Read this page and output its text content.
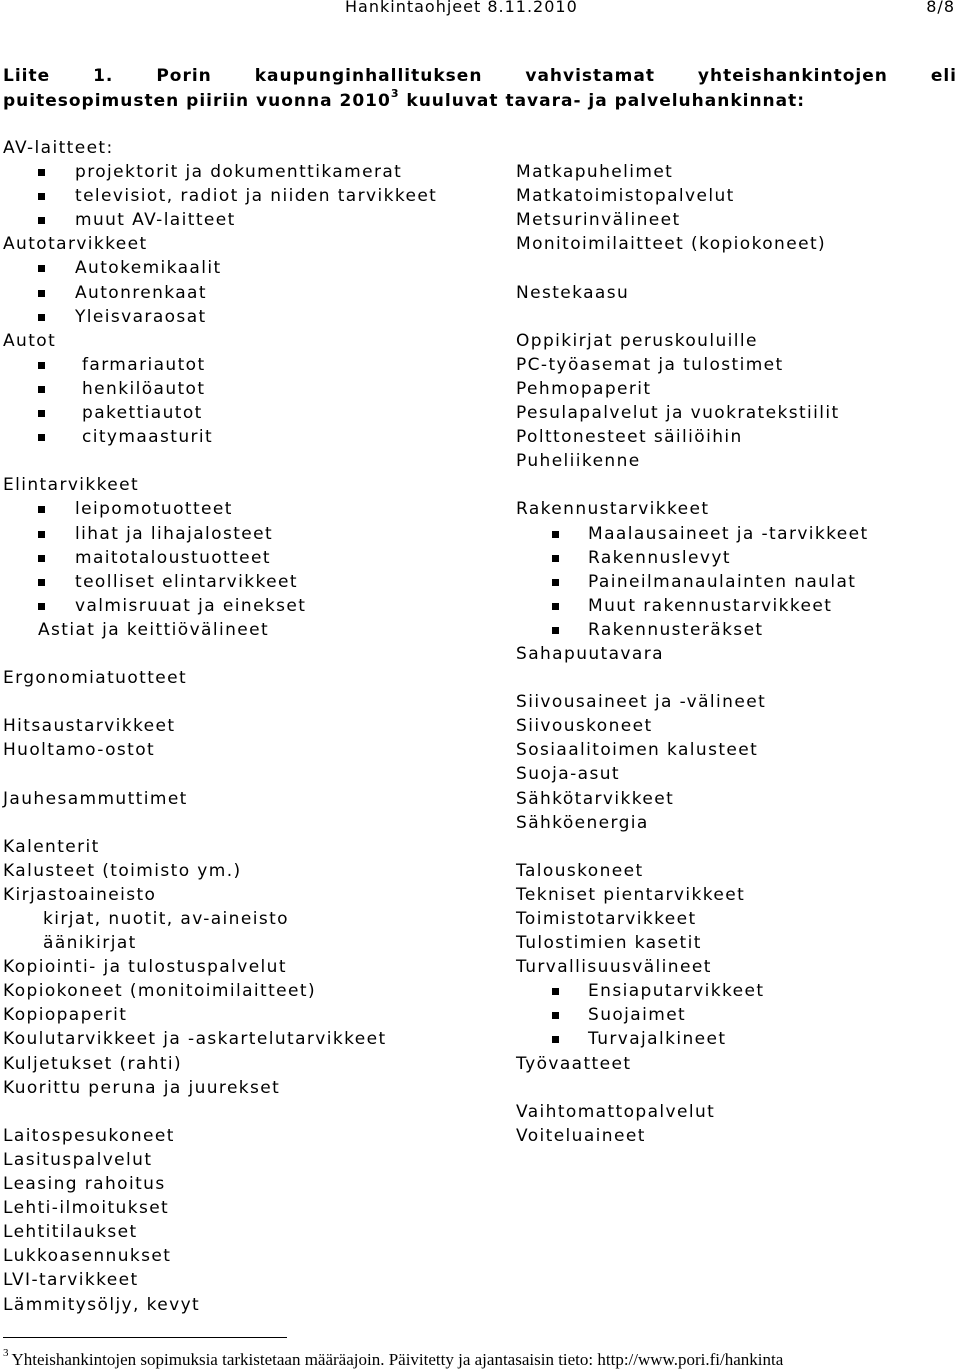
Hankintaohjeet 8.11.2010	8/8
Liite 1. Porin kaupunginhallituksen vahvistamat yhteishankintojen eli
puitesopimusten piiriin vuonna 2010$^3$ kuuluvat tavara- ja palveluhankinnat:
AV-laitteet:
projektorit ja dokumenttikamerat
televisiot, radiot ja niiden tarvikkeet
muut AV-laitteet
Autotarvikkeet
Autokemikaalit
Autonrenkaat
Yleisvaraosat
Autot
farmariautot
henkilöautot
pakettiautot
citymaasturit
Elintarvikkeet
leipomotuotteet
lihat ja lihajalosteet
maitotaloustuotteet
teolliset elintarvikkeet
valmisruuat ja einekset
Astiat ja keittiövälineet
Ergonomiatuotteet
Hitsaustarvikkeet
Huoltamo-ostot
Jauhesammuttimet
Kalenterit
Kalusteet (toimisto ym.)
Kirjastoaineisto
kirjat, nuotit, av-aineisto
äänikirjat
Kopiointi- ja tulostuspalvelut
Kopiokoneet (monitoimilaitteet)
Kopiopaperit
Koulutarvikkeet ja -askartelutarvikkeet
Kuljetukset (rahti)
Kuorittu peruna ja juurekset
Laitospesukoneet
Lasituspalvelut
Leasing rahoitus
Lehti-ilmoitukset
Lehtitilaukset
Lukkoasennukset
LVI-tarvikkeet
Lämmitysöljy, kevyt
Matkapuhelimet
Matkatoimistopalvelut
Metsurinvälineet
Monitoimilaitteet (kopiokoneet)
Nestekaasu
Oppikirjat peruskouluille
PC-työasemat ja tulostimet
Pehmopaperit
Pesulapalvelut ja vuokratekstiilit
Polttonesteet säiliöihin
Puheliikenne
Rakennustarvikkeet
Maalausaineet ja -tarvikkeet
Rakennuslevyt
Paineilmanaulainten naulat
Muut rakennustarvikkeet
Rakennusteräkset
Sahapuutavara
Siivousaineet ja -välineet
Siivouskoneet
Sosiaalitoimen kalusteet
Suoja-asut
Sähkötarvikkeet
Sähköenergia
Talouskoneet
Tekniset pientarvikkeet
Toimistotarvikkeet
Tulostimien kasetit
Turvallisuusvälineet
Ensiaputarvikkeet
Suojaimet
Turvajalkineet
Työvaatteet
Vaihtomattopalvelut
Voiteluaineet
$^3$ Yhteishankintojen sopimuksia tarkistetaan määräajoin. Päivitetty ja ajantasaisin tieto: http://www.pori.fi/hankinta
